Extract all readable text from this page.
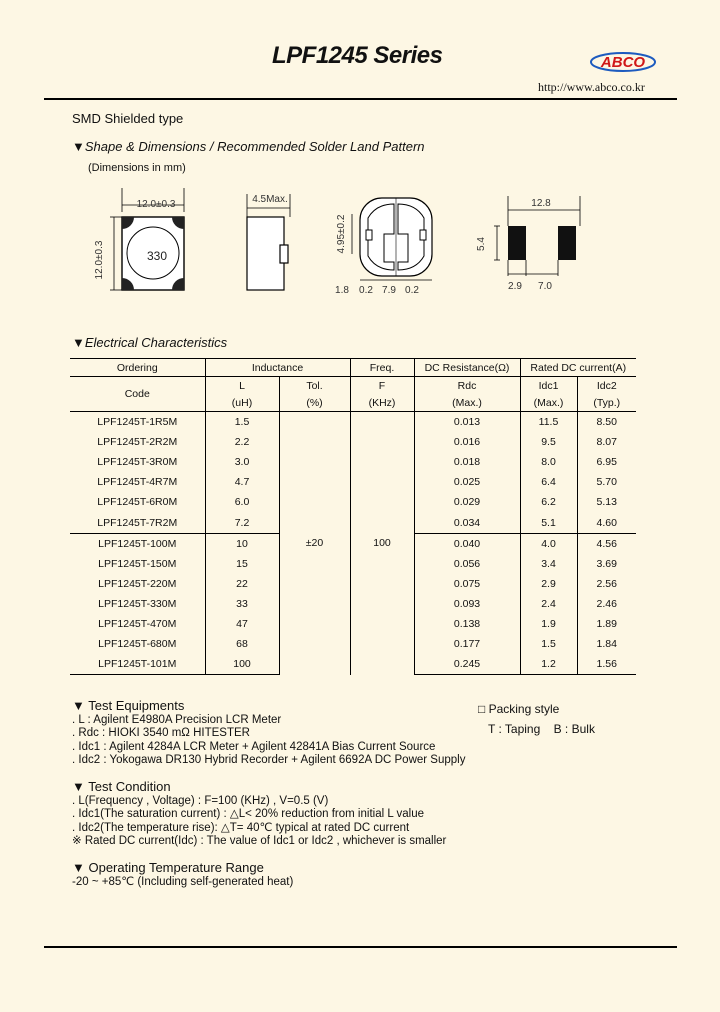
LPF1245 Series	ABCO
http://www.abco.co.kr
SMD Shielded type
▼Shape & Dimensions / Recommended Solder Land Pattern
(Dimensions in mm)
12.0±0.3
12.0±0.3	330
4.5Max.
4.95±0.2
1.8 0.2 7.9 0.2
12.8
5.4
2.9 7.0
▼Electrical Characteristics
Ordering	Inductance		Freq.	DC Resistance(Ω)	Rated DC current(A)	
Code	L	Tol.	F	Rdc	Idc1	Idc2
	(uH)	(%)	(KHz)	(Max.)	(Max.)	(Typ.)
LPF1245T-1R5M	1.5	±20	100	0.013	11.5	8.50
LPF1245T-2R2M	2.2			0.016	9.5	8.07
LPF1245T-3R0M	3.0			0.018	8.0	6.95
LPF1245T-4R7M	4.7			0.025	6.4	5.70
LPF1245T-6R0M	6.0			0.029	6.2	5.13
LPF1245T-7R2M	7.2			0.034	5.1	4.60
LPF1245T-100M	10			0.040	4.0	4.56
LPF1245T-150M	15			0.056	3.4	3.69
LPF1245T-220M	22			0.075	2.9	2.56
LPF1245T-330M	33			0.093	2.4	2.46
LPF1245T-470M	47			0.138	1.9	1.89
LPF1245T-680M	68			0.177	1.5	1.84
LPF1245T-101M	100			0.245	1.2	1.56
▼ Test Equipments
. L : Agilent E4980A Precision LCR Meter
. Rdc : HIOKI 3540 mΩ HITESTER
. Idc1 : Agilent 4284A LCR Meter + Agilent 42841A Bias Current Source
. Idc2 : Yokogawa DR130 Hybrid Recorder + Agilent 6692A DC Power Supply
□ Packing style
T : Taping    B : Bulk
▼ Test Condition
. L(Frequency , Voltage) : F=100 (KHz) , V=0.5 (V)
. Idc1(The saturation current) : △L< 20% reduction from initial L value
. Idc2(The temperature rise): △T= 40℃ typical at rated DC current
※ Rated DC current(Idc) : The value of Idc1 or Idc2 , whichever is smaller
▼ Operating Temperature Range
-20 ~ +85℃ (Including self-generated heat)
